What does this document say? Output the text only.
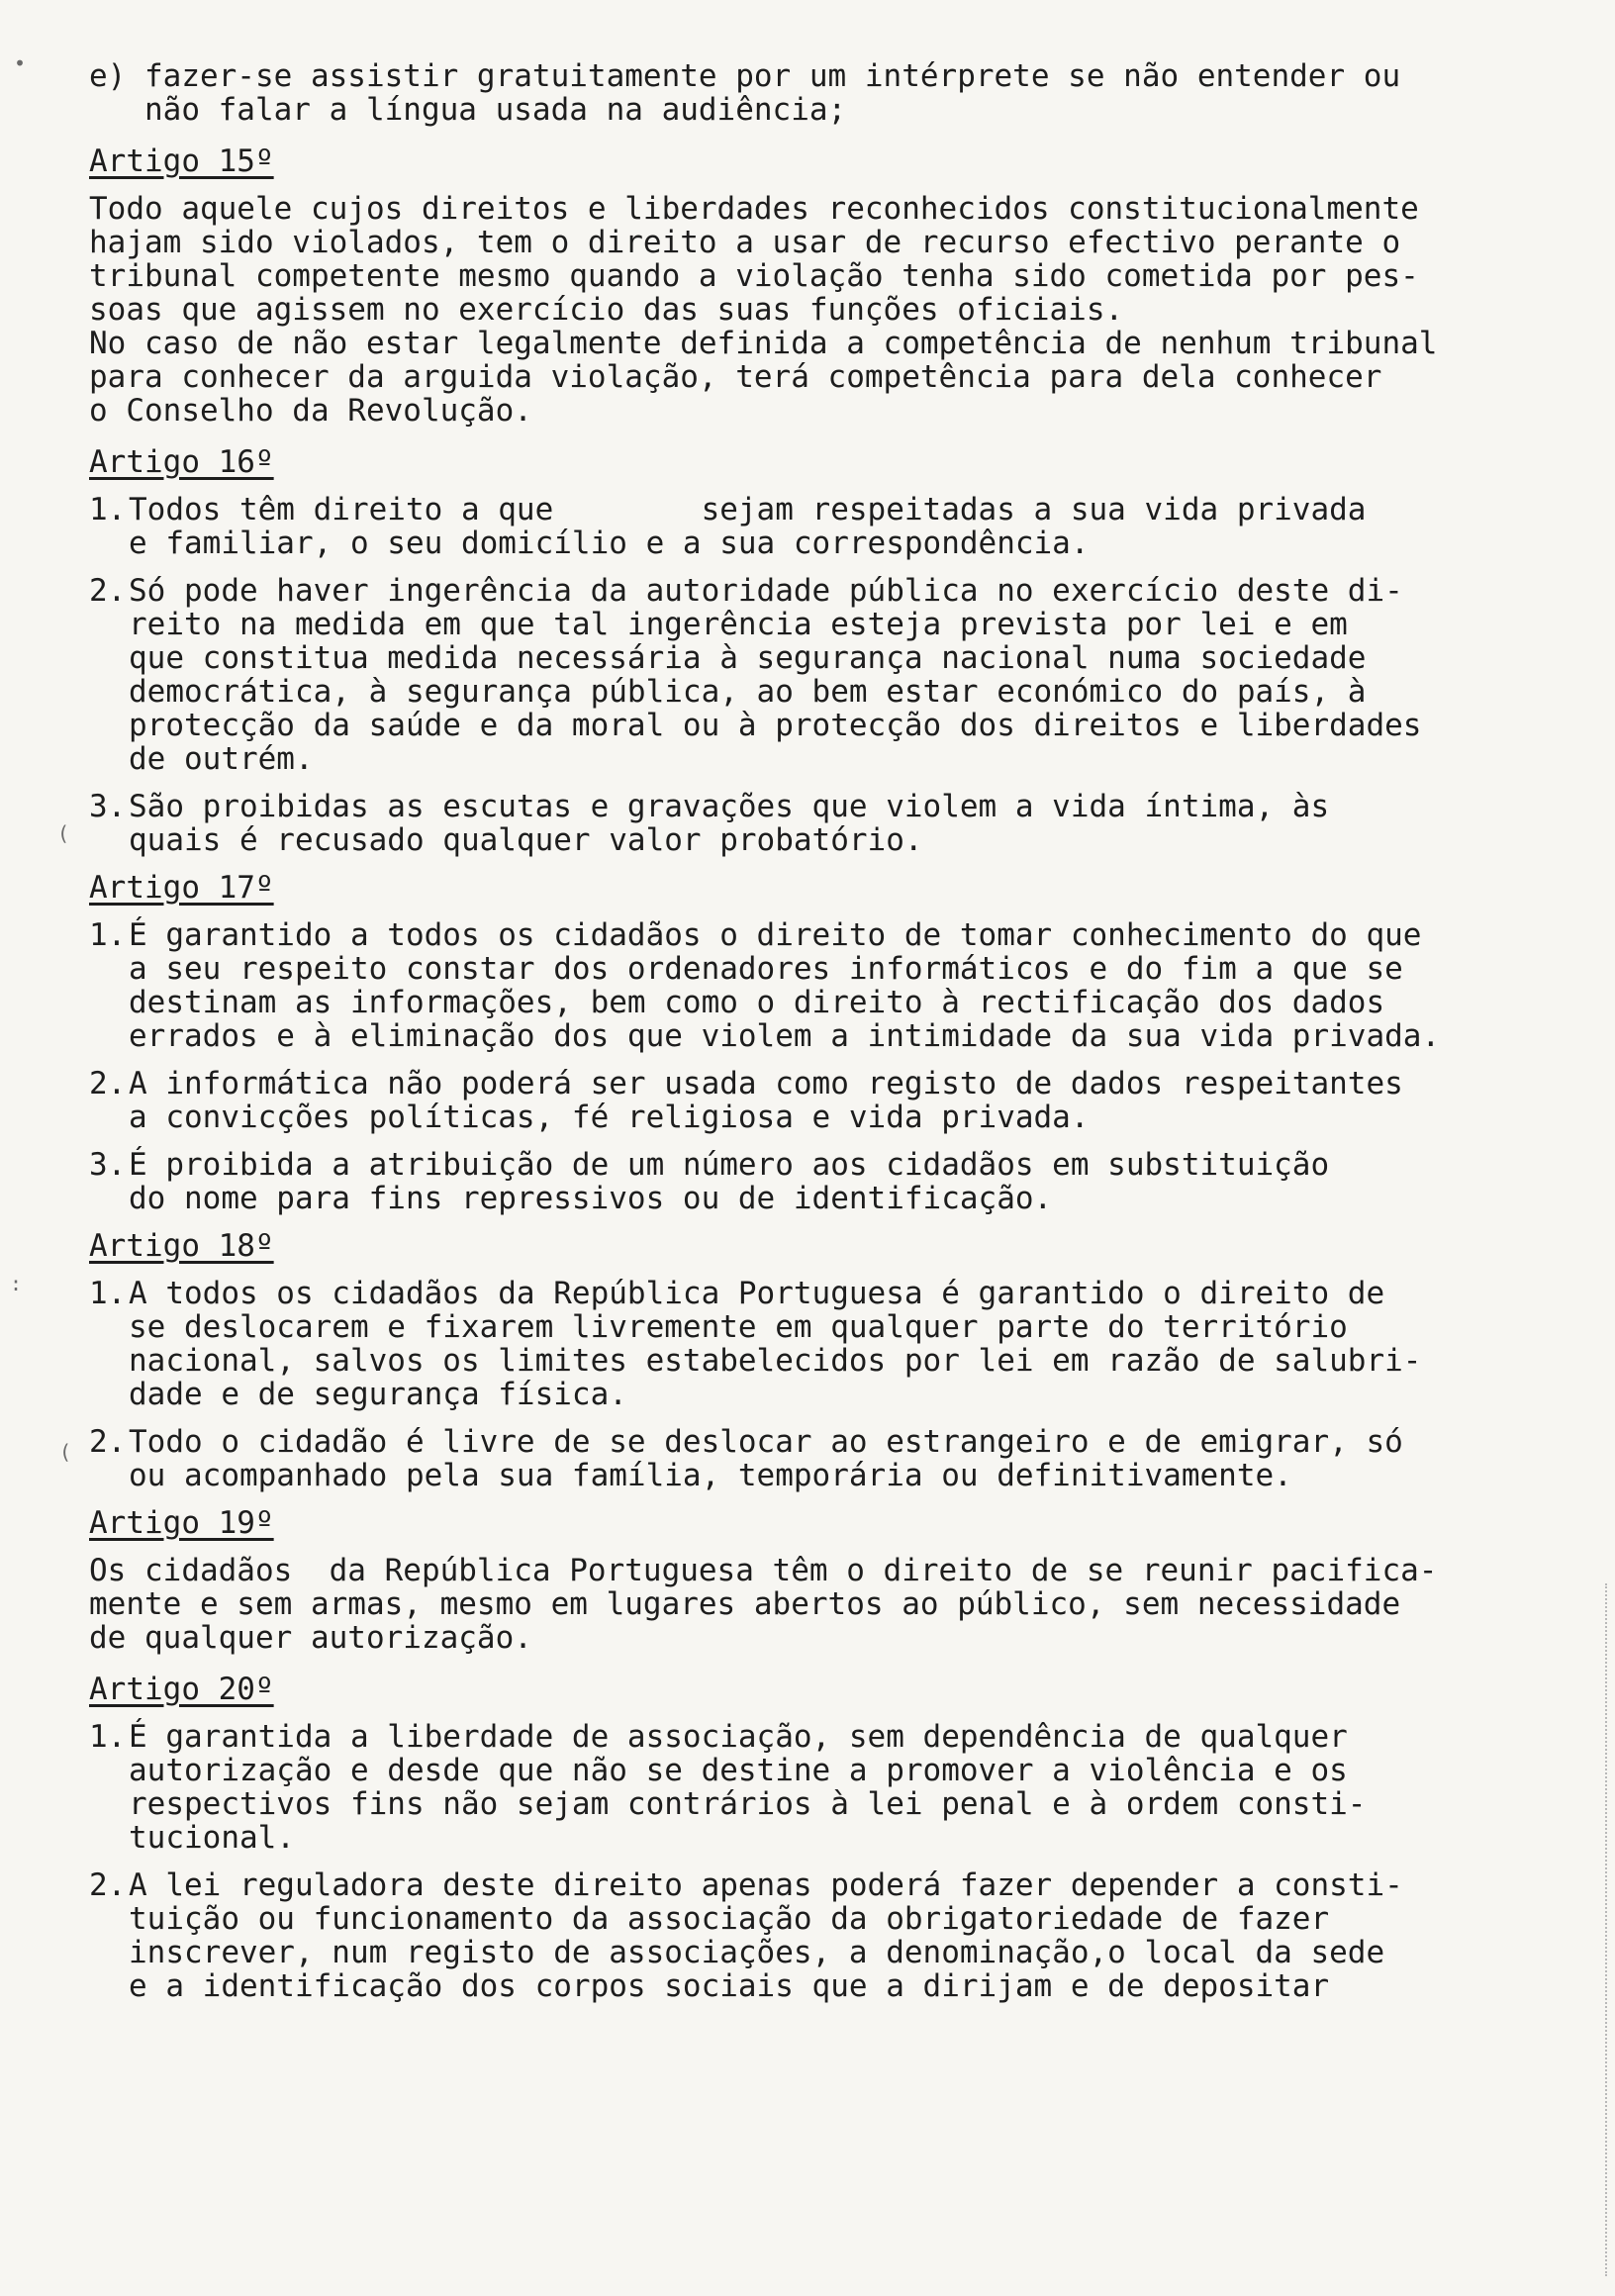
•
(
(
:
e) fazer-se assistir gratuitamente por um intérprete se não entender ou
não falar a língua usada na audiência;
Artigo 15º
Todo aquele cujos direitos e liberdades reconhecidos constitucionalmente
hajam sido violados, tem o direito a usar de recurso efectivo perante o
tribunal competente mesmo quando a violação tenha sido cometida por pes-
soas que agissem no exercício das suas funções oficiais.
No caso de não estar legalmente definida a competência de nenhum tribunal
para conhecer da arguida violação, terá competência para dela conhecer
o Conselho da Revolução.
Artigo 16º
1.Todos têm direito a que        sejam respeitadas a sua vida privada
e familiar, o seu domicílio e a sua correspondência.
2.Só pode haver ingerência da autoridade pública no exercício deste di-
reito na medida em que tal ingerência esteja prevista por lei e em
que constitua medida necessária à segurança nacional numa sociedade
democrática, à segurança pública, ao bem estar económico do país, à
protecção da saúde e da moral ou à protecção dos direitos e liberdades
de outrém.
3.São proibidas as escutas e gravações que violem a vida íntima, às
quais é recusado qualquer valor probatório.
Artigo 17º
1.É garantido a todos os cidadãos o direito de tomar conhecimento do que
a seu respeito constar dos ordenadores informáticos e do fim a que se
destinam as informações, bem como o direito à rectificação dos dados
errados e à eliminação dos que violem a intimidade da sua vida privada.
2.A informática não poderá ser usada como registo de dados respeitantes
a convicções políticas, fé religiosa e vida privada.
3.É proibida a atribuição de um número aos cidadãos em substituição
do nome para fins repressivos ou de identificação.
Artigo 18º
1.A todos os cidadãos da República Portuguesa é garantido o direito de
se deslocarem e fixarem livremente em qualquer parte do território
nacional, salvos os limites estabelecidos por lei em razão de salubri-
dade e de segurança física.
2.Todo o cidadão é livre de se deslocar ao estrangeiro e de emigrar, só
ou acompanhado pela sua família, temporária ou definitivamente.
Artigo 19º
Os cidadãos  da República Portuguesa têm o direito de se reunir pacifica-
mente e sem armas, mesmo em lugares abertos ao público, sem necessidade
de qualquer autorização.
Artigo 20º
1.É garantida a liberdade de associação, sem dependência de qualquer
autorização e desde que não se destine a promover a violência e os
respectivos fins não sejam contrários à lei penal e à ordem consti-
tucional.
2.A lei reguladora deste direito apenas poderá fazer depender a consti-
tuição ou funcionamento da associação da obrigatoriedade de fazer
inscrever, num registo de associações, a denominação,o local da sede
e a identificação dos corpos sociais que a dirijam e de depositar
